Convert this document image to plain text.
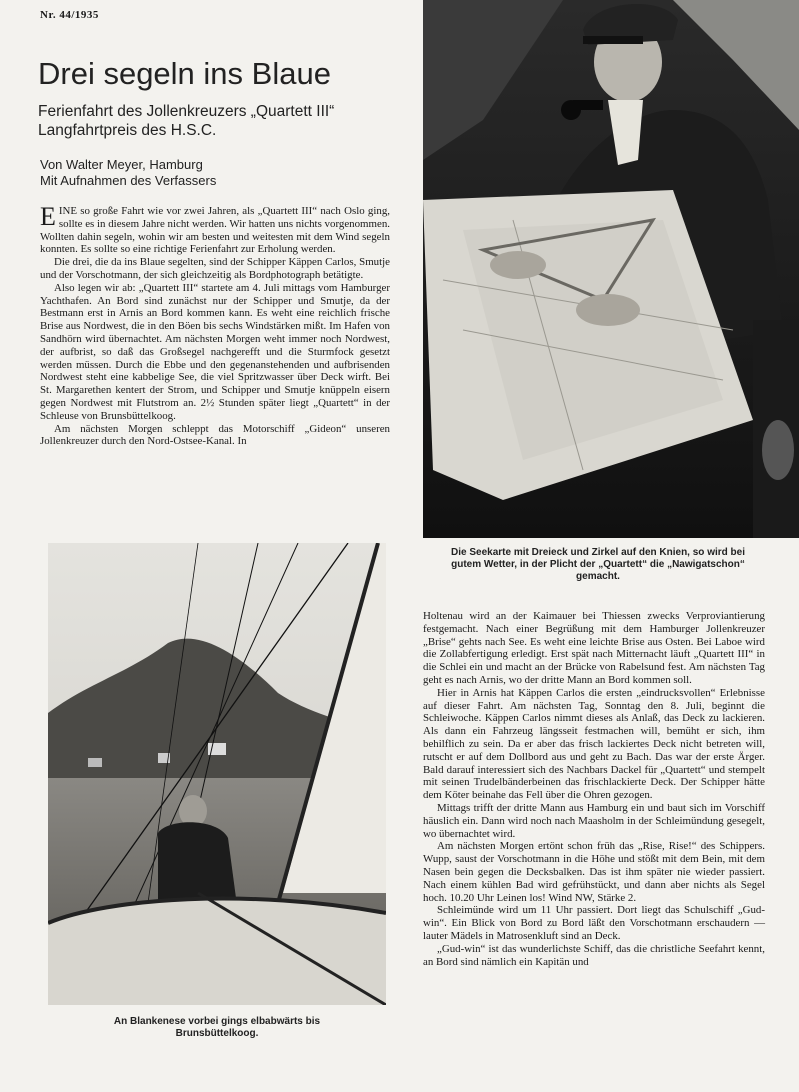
Nr. 44/1935
Drei segeln ins Blaue
Ferienfahrt des Jollenkreuzers „Quartett III“
Langfahrtpreis des H.S.C.
Von Walter Meyer, Hamburg
Mit Aufnahmen des Verfassers

EINE so große Fahrt wie vor zwei Jahren, als „Quartett III“ nach Oslo ging, sollte es in diesem Jahre nicht werden. Wir hatten uns nichts vorgenommen. Wollten dahin segeln, wohin wir am besten und weitesten mit dem Wind segeln konnten. Es sollte so eine richtige Ferienfahrt zur Erholung werden.

Die drei, die da ins Blaue segelten, sind der Schipper Käppen Carlos, Smutje und der Vorschotmann, der sich gleichzeitig als Bordphotograph betätigte.

Also legen wir ab: „Quartett III“ startete am 4. Juli mittags vom Hamburger Yachthafen. An Bord sind zunächst nur der Schipper und Smutje, da der Bestmann erst in Arnis an Bord kommen kann. Es weht eine reichlich frische Brise aus Nordwest, die in den Böen bis sechs Windstärken mißt. Im Hafen von Sandhörn wird übernachtet. Am nächsten Morgen weht immer noch Nordwest, der aufbrist, so daß das Großsegel nachgerefft und die Sturmfock gesetzt werden müssen. Durch die Ebbe und den gegenanstehenden und aufbrisenden Nordwest steht eine kabbelige See, die viel Spritzwasser über Deck wirft. Bei St. Margarethen kentert der Strom, und Schipper und Smutje knüppeln eisern gegen Nordwest mit Flutstrom an. 2½ Stunden später liegt „Quartett“ in der Schleuse von Brunsbüttelkoog.

Am nächsten Morgen schleppt das Motorschiff „Gideon“ unseren Jollenkreuzer durch den Nord-Ostsee-Kanal. In

Die Seekarte mit Dreieck und Zirkel auf den Knien, so wird bei
gutem Wetter, in der Plicht der „Quartett“ die „Nawigatschon“
gemacht.
An Blankenese vorbei gings elbabwärts bis
Brunsbüttelkoog.

Holtenau wird an der Kaimauer bei Thiessen zwecks Verproviantierung festgemacht. Nach einer Begrüßung mit dem Hamburger Jollenkreuzer „Brise“ gehts nach See. Es weht eine leichte Brise aus Osten. Bei Laboe wird die Zollabfertigung erledigt. Erst spät nach Mitternacht läuft „Quartett III“ in die Schlei ein und macht an der Brücke von Rabelsund fest. Am nächsten Tag geht es nach Arnis, wo der dritte Mann an Bord kommen soll.

Hier in Arnis hat Käppen Carlos die ersten „eindrucksvollen“ Erlebnisse auf dieser Fahrt. Am nächsten Tag, Sonntag den 8. Juli, beginnt die Schleiwoche. Käppen Carlos nimmt dieses als Anlaß, das Deck zu lackieren. Als dann ein Fahrzeug längsseit festmachen will, bemüht er sich, ihm behilflich zu sein. Da er aber das frisch lackiertes Deck nicht betreten will, rutscht er auf dem Dollbord aus und geht zu Bach. Das war der erste Ärger. Bald darauf interessiert sich des Nachbars Dackel für „Quartett“ und stempelt mit seinen Trudelbänderbeinen das frischlackierte Deck. Der Schipper hätte dem Köter beinahe das Fell über die Ohren gezogen.

Mittags trifft der dritte Mann aus Hamburg ein und baut sich im Vorschiff häuslich ein. Dann wird noch nach Maasholm in der Schleimündung gesegelt, wo übernachtet wird.

Am nächsten Morgen ertönt schon früh das „Rise, Rise!“ des Schippers. Wupp, saust der Vorschotmann in die Höhe und stößt mit dem Bein, mit dem Nasen bein gegen die Decksbalken. Das ist ihm später nie wieder passiert. Nach einem kühlen Bad wird gefrühstückt, und dann aber nichts als Segel hoch. 10.20 Uhr Leinen los! Wind NW, Stärke 2.

Schleimünde wird um 11 Uhr passiert. Dort liegt das Schulschiff „Gud-win“. Ein Blick von Bord zu Bord läßt den Vorschotmann erschaudern — lauter Mädels in Matrosenkluft sind an Deck.

„Gud-win“ ist das wunderlichste Schiff, das die christliche Seefahrt kennt, an Bord sind nämlich ein Kapitän und
